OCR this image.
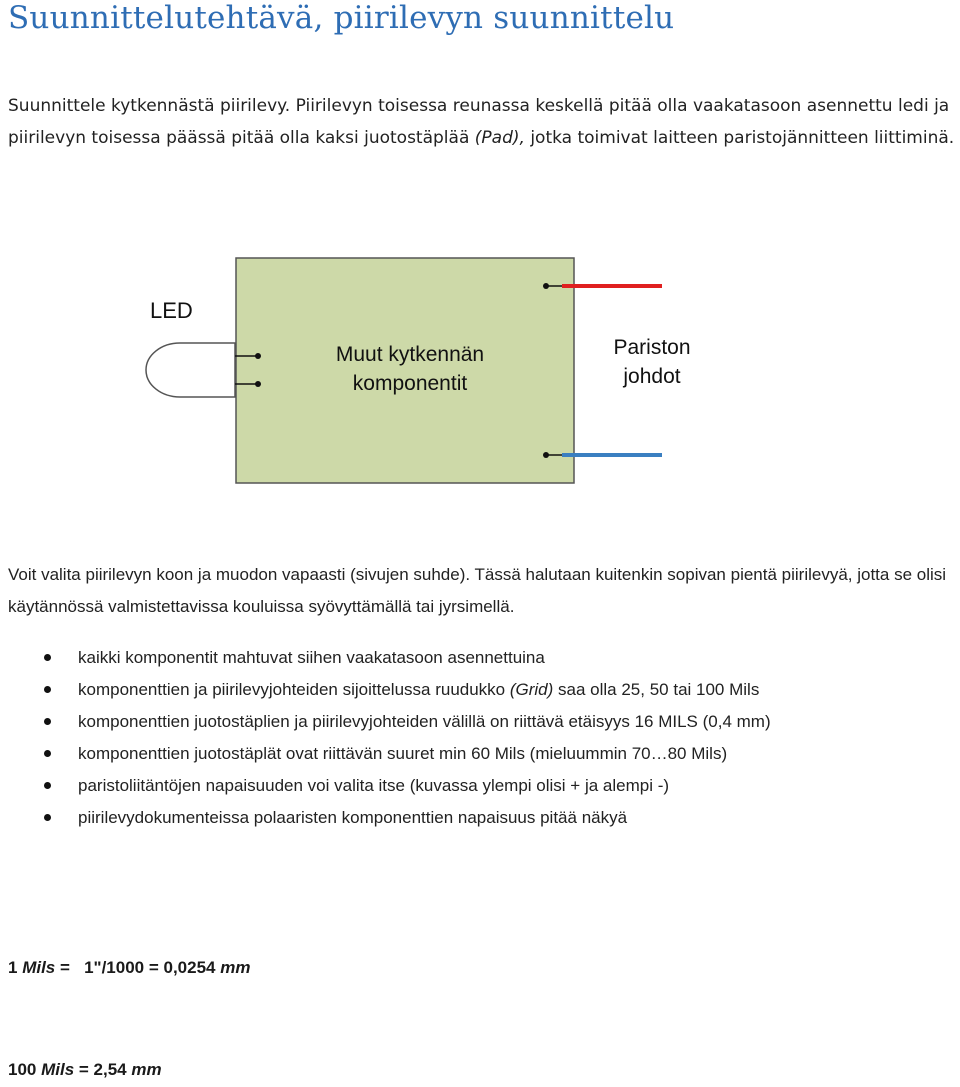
Suunnittelutehtävä, piirilevyn suunnittelu
Suunnittele kytkennästä piirilevy. Piirilevyn toisessa reunassa keskellä pitää olla vaakatasoon asennettu ledi ja piirilevyn toisessa päässä pitää olla kaksi juotostäplää (Pad), jotka toimivat laitteen paristojännitteen liittiminä.
LED
Muut kytkennän
komponentit
Pariston
johdot
Voit valita piirilevyn koon ja muodon vapaasti (sivujen suhde). Tässä halutaan kuitenkin sopivan pientä piirilevyä, jotta se olisi käytännössä valmistettavissa kouluissa syövyttämällä tai jyrsimellä.
kaikki komponentit mahtuvat siihen vaakatasoon asennettuina
komponenttien ja piirilevyjohteiden sijoittelussa ruudukko (Grid) saa olla 25, 50 tai 100 Mils
komponenttien juotostäplien ja piirilevyjohteiden välillä on riittävä etäisyys 16 MILS (0,4 mm)
komponenttien juotostäplät ovat riittävän suuret min 60 Mils (mieluummin 70…80 Mils)
paristoliitäntöjen napaisuuden voi valita itse (kuvassa ylempi olisi + ja alempi -)
piirilevydokumenteissa polaaristen komponenttien napaisuus pitää näkyä
1 Mils =   1"/1000 = 0,0254 mm
100 Mils = 2,54 mm
